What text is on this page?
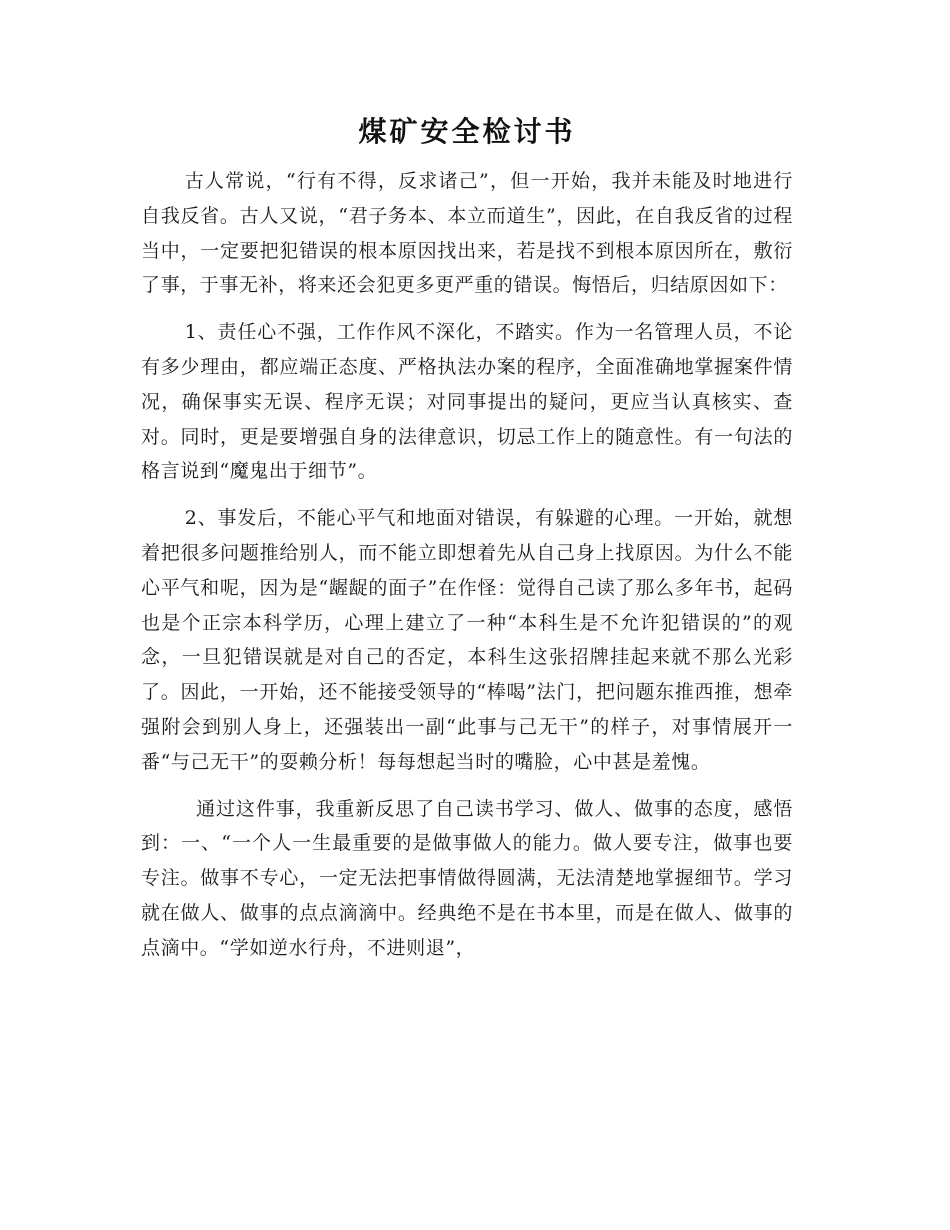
煤矿安全检讨书

古人常说，“行有不得，反求诸己”，但一开始，我并未能及时地进行自我反省。古人又说，“君子务本、本立而道生”，因此，在自我反省的过程当中，一定要把犯错误的根本原因找出来，若是找不到根本原因所在，敷衍了事，于事无补，将来还会犯更多更严重的错误。悔悟后，归结原因如下：

1、责任心不强，工作作风不深化，不踏实。作为一名管理人员，不论有多少理由，都应端正态度、严格执法办案的程序，全面准确地掌握案件情况，确保事实无误、程序无误；对同事提出的疑问，更应当认真核实、查对。同时，更是要增强自身的法律意识，切忌工作上的随意性。有一句法的格言说到“魔鬼出于细节”。

2、事发后，不能心平气和地面对错误，有躲避的心理。一开始，就想着把很多问题推给别人，而不能立即想着先从自己身上找原因。为什么不能心平气和呢，因为是“龌龊的面子”在作怪：觉得自己读了那么多年书，起码也是个正宗本科学历，心理上建立了一种“本科生是不允许犯错误的”的观念，一旦犯错误就是对自己的否定，本科生这张招牌挂起来就不那么光彩了。因此，一开始，还不能接受领导的“棒喝”法门，把问题东推西推，想牵强附会到别人身上，还强装出一副“此事与己无干”的样子，对事情展开一番“与己无干”的耍赖分析！每每想起当时的嘴脸，心中甚是羞愧。

通过这件事，我重新反思了自己读书学习、做人、做事的态度，感悟到：一、“一个人一生最重要的是做事做人的能力。做人要专注，做事也要专注。做事不专心，一定无法把事情做得圆满，无法清楚地掌握细节。学习就在做人、做事的点点滴滴中。经典绝不是在书本里，而是在做人、做事的点滴中。“学如逆水行舟，不进则退”，
